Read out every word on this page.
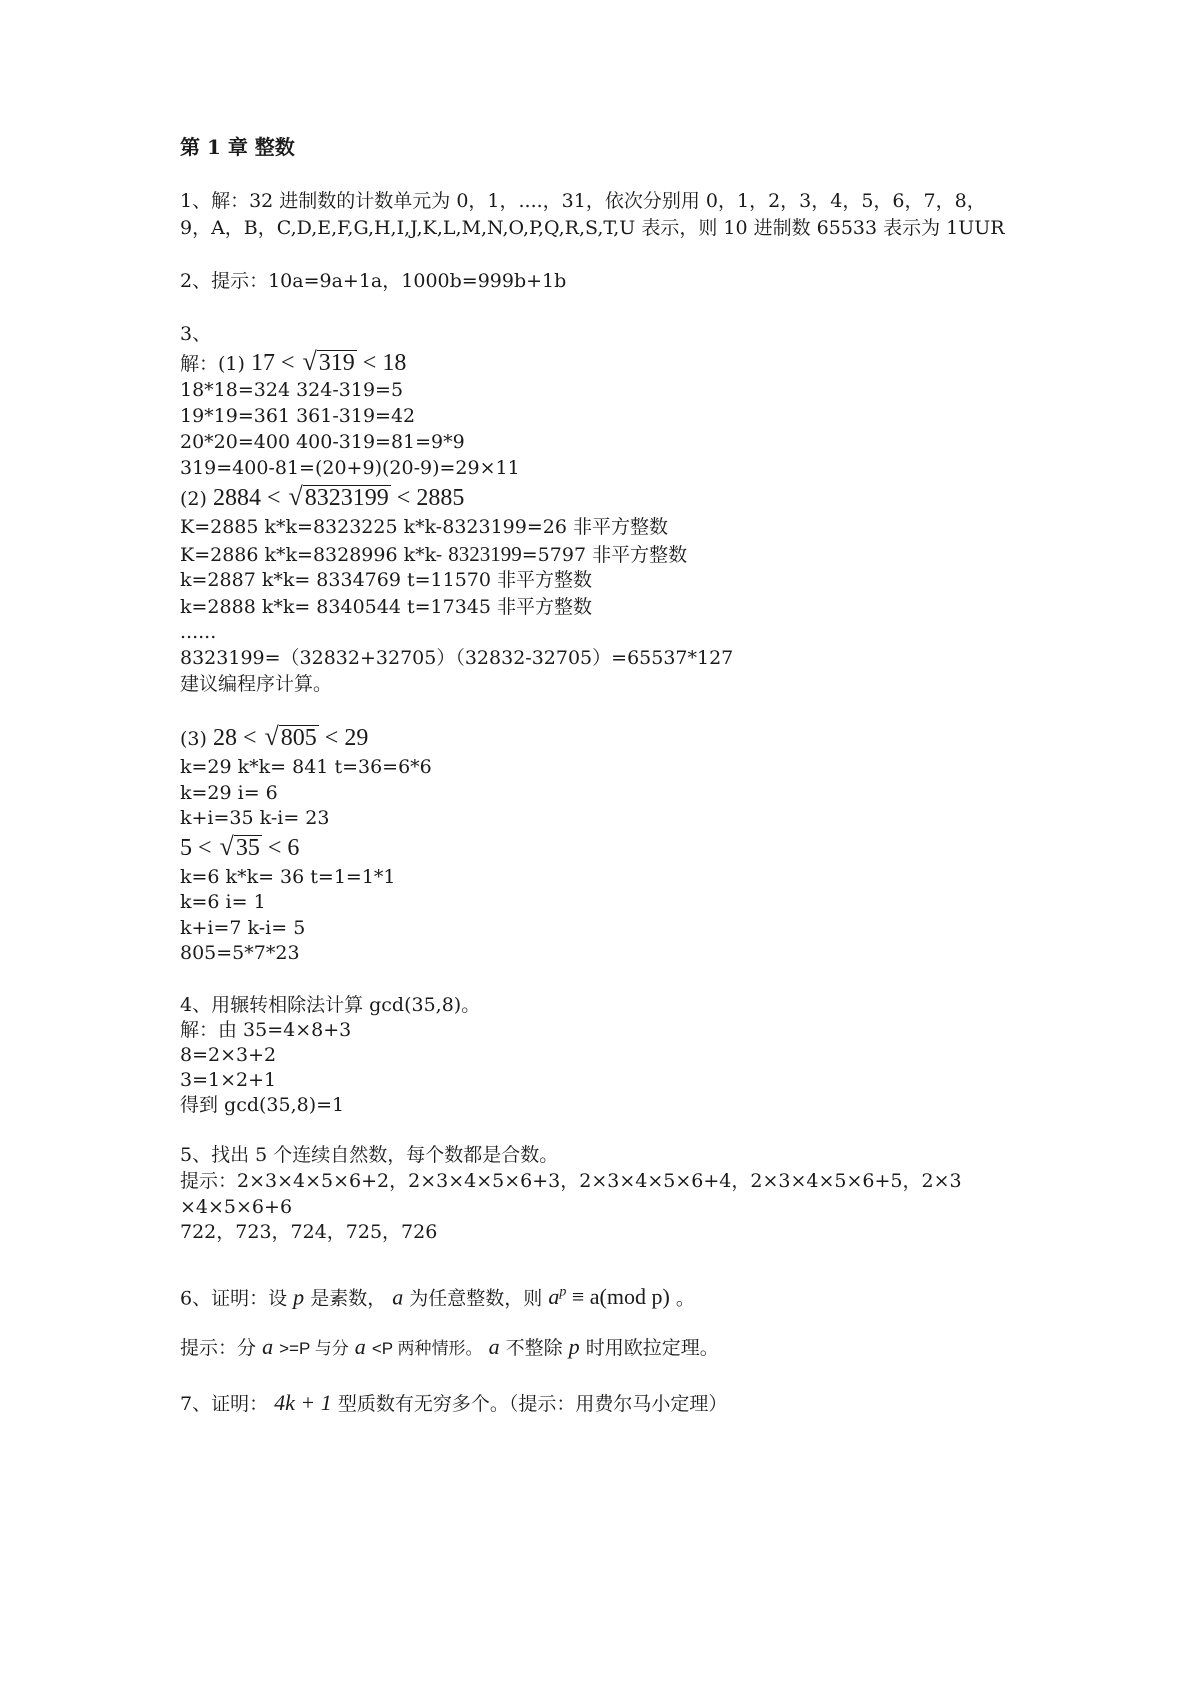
第 1 章 整数
1、解：32 进制数的计数单元为 0，1，....，31，依次分别用 0，1，2，3，4，5，6，7，8，
9，A，B，C,D,E,F,G,H,I,J,K,L,M,N,O,P,Q,R,S,T,U 表示，则 10 进制数 65533 表示为 1UUR
2、提示：10a=9a+1a，1000b=999b+1b
3、
解：(1) 17 < √319 < 18
18*18=324 324-319=5
19*19=361 361-319=42
20*20=400 400-319=81=9*9
319=400-81=(20+9)(20-9)=29×11
(2) 2884 < √8323199 < 2885
K=2885 k*k=8323225 k*k-8323199=26 非平方整数
K=2886 k*k=8328996 k*k- 8323199=5797 非平方整数
k=2887 k*k= 8334769 t=11570 非平方整数
k=2888 k*k= 8340544 t=17345 非平方整数
......
8323199=（32832+32705）（32832-32705）=65537*127
建议编程序计算。
(3) 28 < √805 < 29
k=29 k*k= 841 t=36=6*6
k=29 i= 6
k+i=35 k-i= 23
5 < √35 < 6
k=6 k*k= 36 t=1=1*1
k=6 i= 1
k+i=7 k-i= 5
805=5*7*23
4、用辗转相除法计算 gcd(35,8)。
解：由 35=4×8+3
8=2×3+2
3=1×2+1
得到 gcd(35,8)=1
5、找出 5 个连续自然数，每个数都是合数。
提示：2×3×4×5×6+2，2×3×4×5×6+3，2×3×4×5×6+4，2×3×4×5×6+5，2×3
×4×5×6+6
722，723，724，725，726
6、证明：设 p 是素数， a 为任意整数，则 $a^p \equiv a(mod$ p) 。
提示：分 a >=P 与分 a <P 两种情形。 a 不整除 p 时用欧拉定理。
7、证明： 4k + 1 型质数有无穷多个。（提示：用费尔马小定理）
